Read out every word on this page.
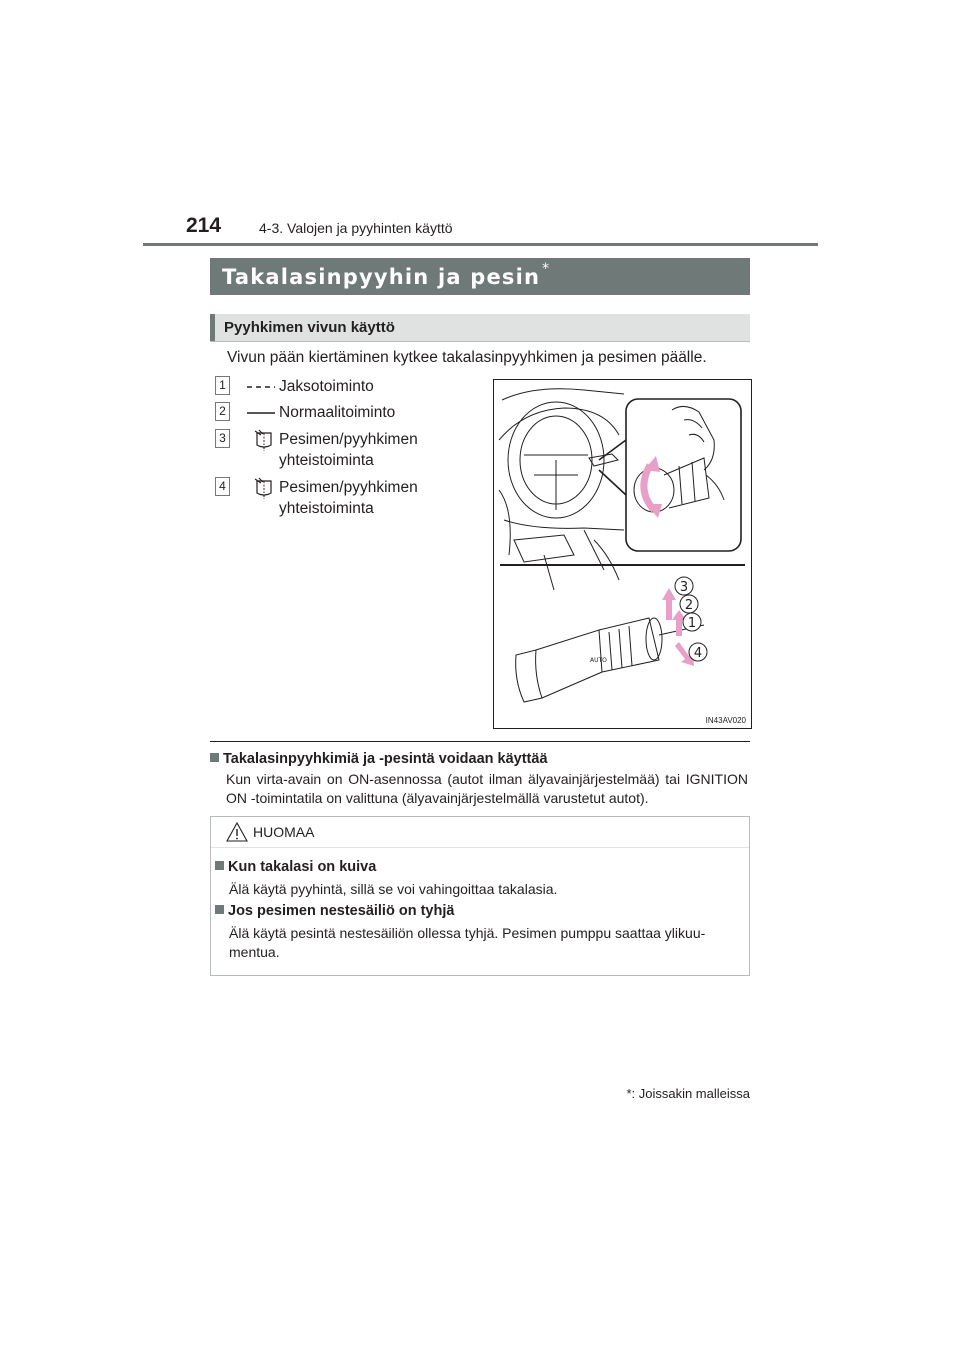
214	4-3. Valojen ja pyyhinten käyttö
Takalasinpyyhin ja pesin *
Pyyhkimen vivun käyttö
Vivun pään kiertäminen kytkee takalasinpyyhkimen ja pesimen päälle.
1	Jaksotoiminto
2	Normaalitoiminto
3	Pesimen/pyyhkimen yhteistoiminta
4	Pesimen/pyyhkimen yhteistoiminta
AUTO
3
2
1
4
IN43AV020
Takalasinpyyhkimiä ja -pesintä voidaan käyttää
Kun virta-avain on ON-asennossa (autot ilman älyavainjärjestelmää) tai IGNITION ON -toimintatila on valittuna (älyavainjärjestelmällä varustetut autot).
HUOMAA
Kun takalasi on kuiva
Älä käytä pyyhintä, sillä se voi vahingoittaa takalasia.
Jos pesimen nestesäiliö on tyhjä
Älä käytä pesintä nestesäiliön ollessa tyhjä. Pesimen pumppu saattaa ylikuu-mentua.
*: Joissakin malleissa
